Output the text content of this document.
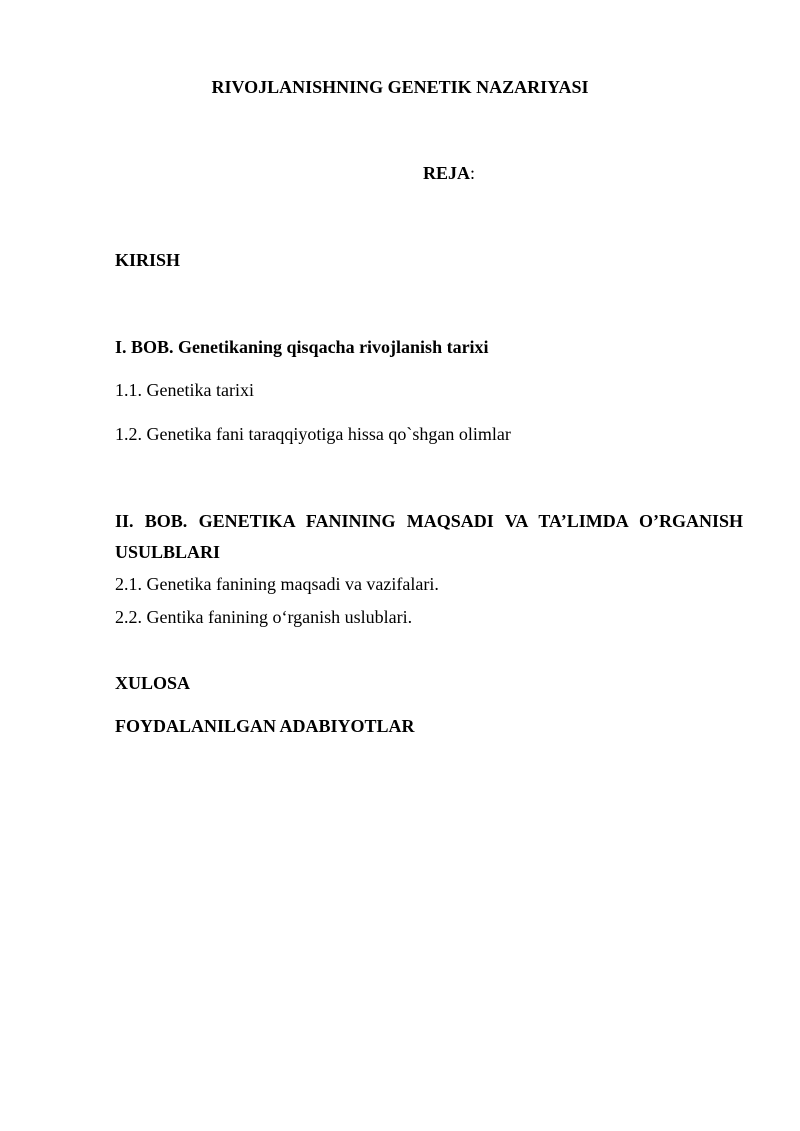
RIVOJLANISHNING GENETIK NAZARIYASI
REJA:
KIRISH
I. BOB. Genetikaning qisqacha rivojlanish tarixi
1.1. Genetika tarixi
1.2. Genetika fani taraqqiyotiga hissa qo`shgan olimlar
II. BOB. GENETIKA FANINING MAQSADI VA TA’LIMDA O’RGANISH
USULBLARI
2.1. Genetika fanining maqsadi va vazifalari.
2.2. Gentika fanining o‘rganish uslublari.
XULOSA
FOYDALANILGAN ADABIYOTLAR
